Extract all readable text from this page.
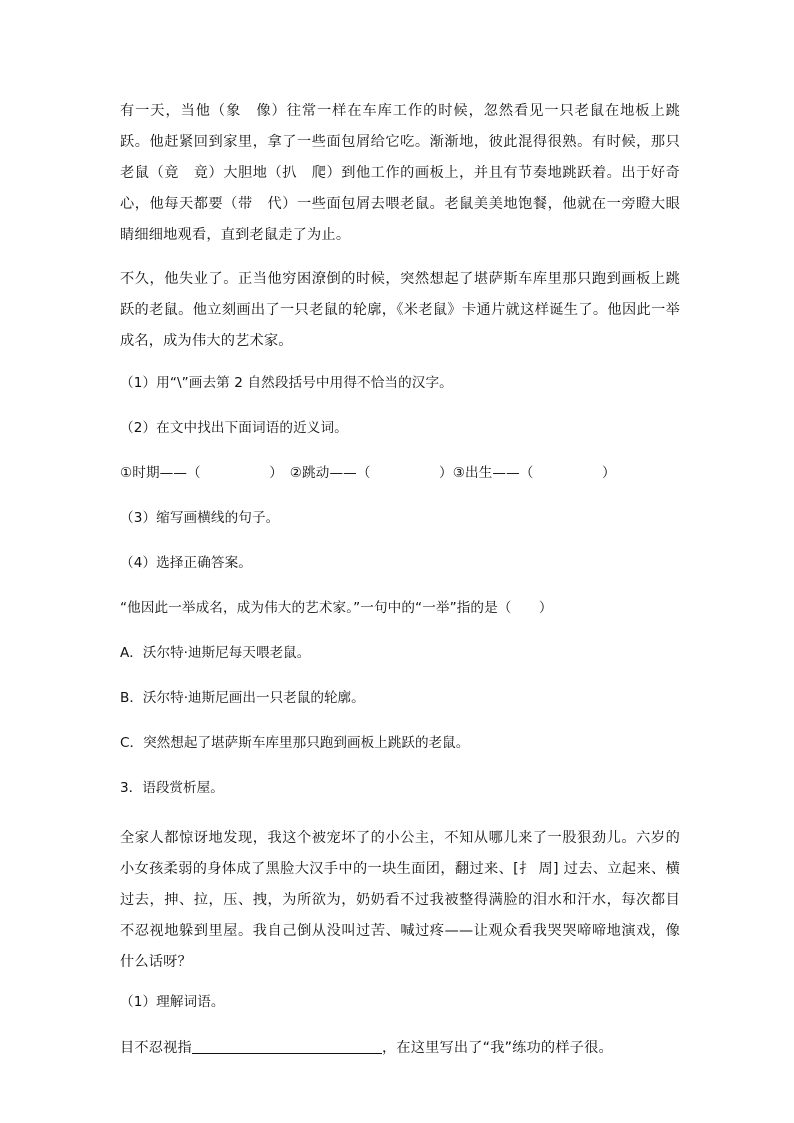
有一天，当他（象　像）往常一样在车库工作的时候，忽然看见一只老鼠在地板上跳跃。他赶紧回到家里，拿了一些面包屑给它吃。渐渐地，彼此混得很熟。有时候，那只老鼠（竟　竟）大胆地（扒　爬）到他工作的画板上，并且有节奏地跳跃着。出于好奇心，他每天都要（带　代）一些面包屑去喂老鼠。老鼠美美地饱餐，他就在一旁瞪大眼睛细细地观看，直到老鼠走了为止。

不久，他失业了。正当他穷困潦倒的时候，突然想起了堪萨斯车库里那只跑到画板上跳跃的老鼠。他立刻画出了一只老鼠的轮廓，《米老鼠》卡通片就这样诞生了。他因此一举成名，成为伟大的艺术家。

（1）用“\”画去第 2 自然段括号中用得不恰当的汉字。

（2）在文中找出下面词语的近义词。

①时期——（　　　　　）　②跳动——（　　　　　）③出生——（　　　　　）

（3）缩写画横线的句子。

（4）选择正确答案。

“他因此一举成名，成为伟大的艺术家。”一句中的“一举”指的是（　　）

A．沃尔特·迪斯尼每天喂老鼠。

B．沃尔特·迪斯尼画出一只老鼠的轮廓。

C．突然想起了堪萨斯车库里那只跑到画板上跳跃的老鼠。

3．语段赏析屋。

全家人都惊讶地发现，我这个被宠坏了的小公主，不知从哪儿来了一股狠劲儿。六岁的小女孩柔弱的身体成了黑脸大汉手中的一块生面团，翻过来、[扌 周] 过去、立起来、横过去，抻、拉，压、拽，为所欲为，奶奶看不过我被整得满脸的泪水和汗水，每次都目不忍视地躲到里屋。我自己倒从没叫过苦、喊过疼——让观众看我哭哭啼啼地演戏，像什么话呀？

（1）理解词语。

目不忍视指	，在这里写出了“我”练功的样子很。
